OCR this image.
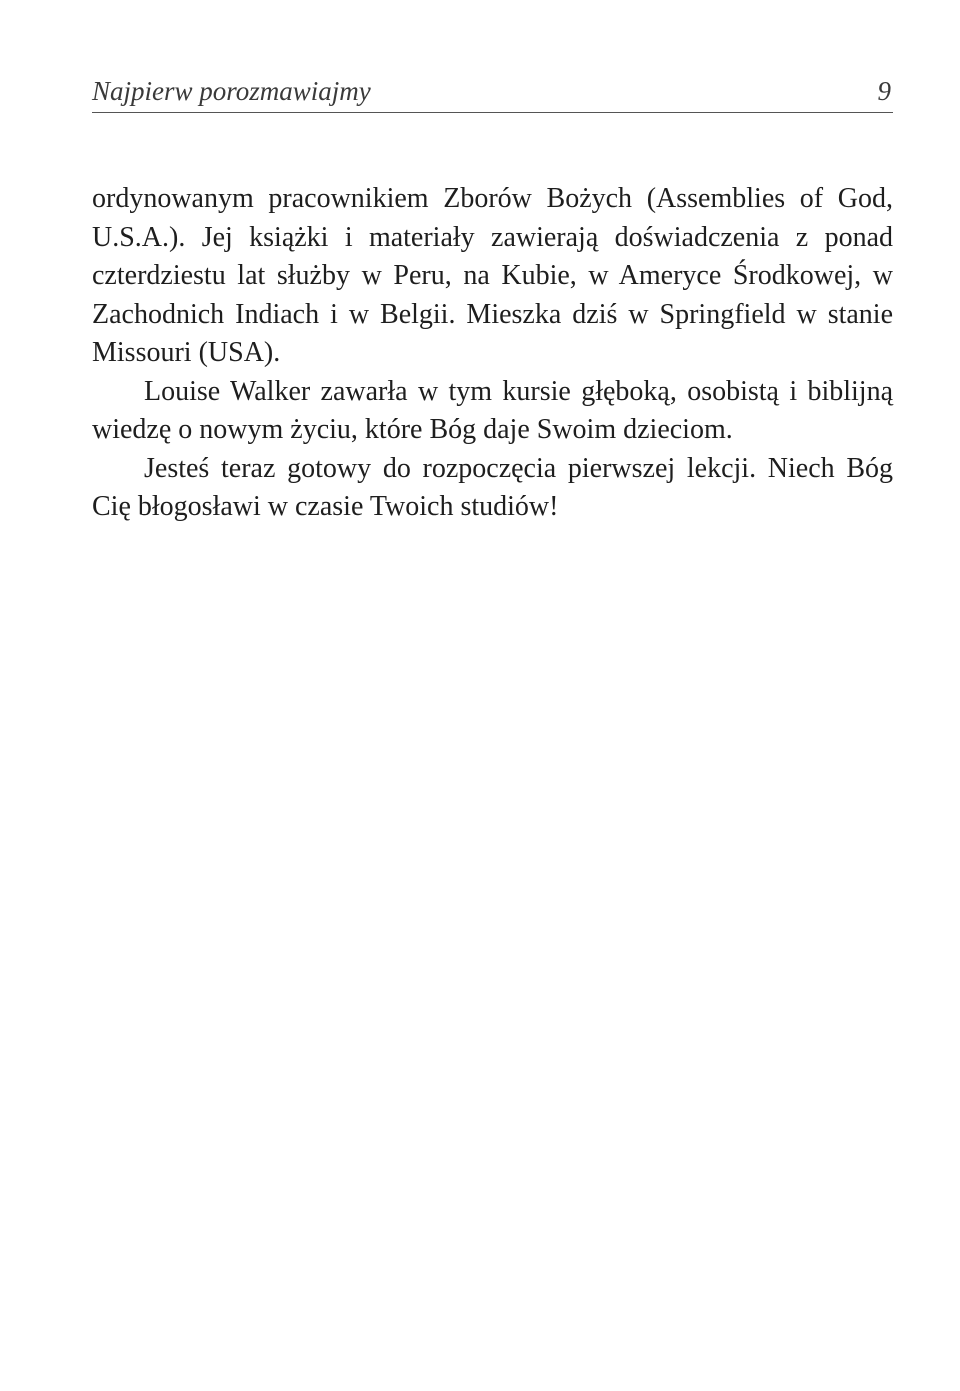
Najpierw porozmawiajmy	9
ordynowanym pracownikiem Zborów Bożych (Assemblies of God,
U.S.A.). Jej książki i materiały zawierają doświadczenia z ponad
czterdziestu lat służby w Peru, na Kubie, w Ameryce Środkowej, w
Zachodnich Indiach i w Belgii. Mieszka dziś w Springfield w stanie
Missouri (USA).
Louise Walker zawarła w tym kursie głęboką, osobistą i biblijną
wiedzę o nowym życiu, które Bóg daje Swoim dzieciom.
Jesteś teraz gotowy do rozpoczęcia pierwszej lekcji. Niech Bóg
Cię błogosławi w czasie Twoich studiów!
